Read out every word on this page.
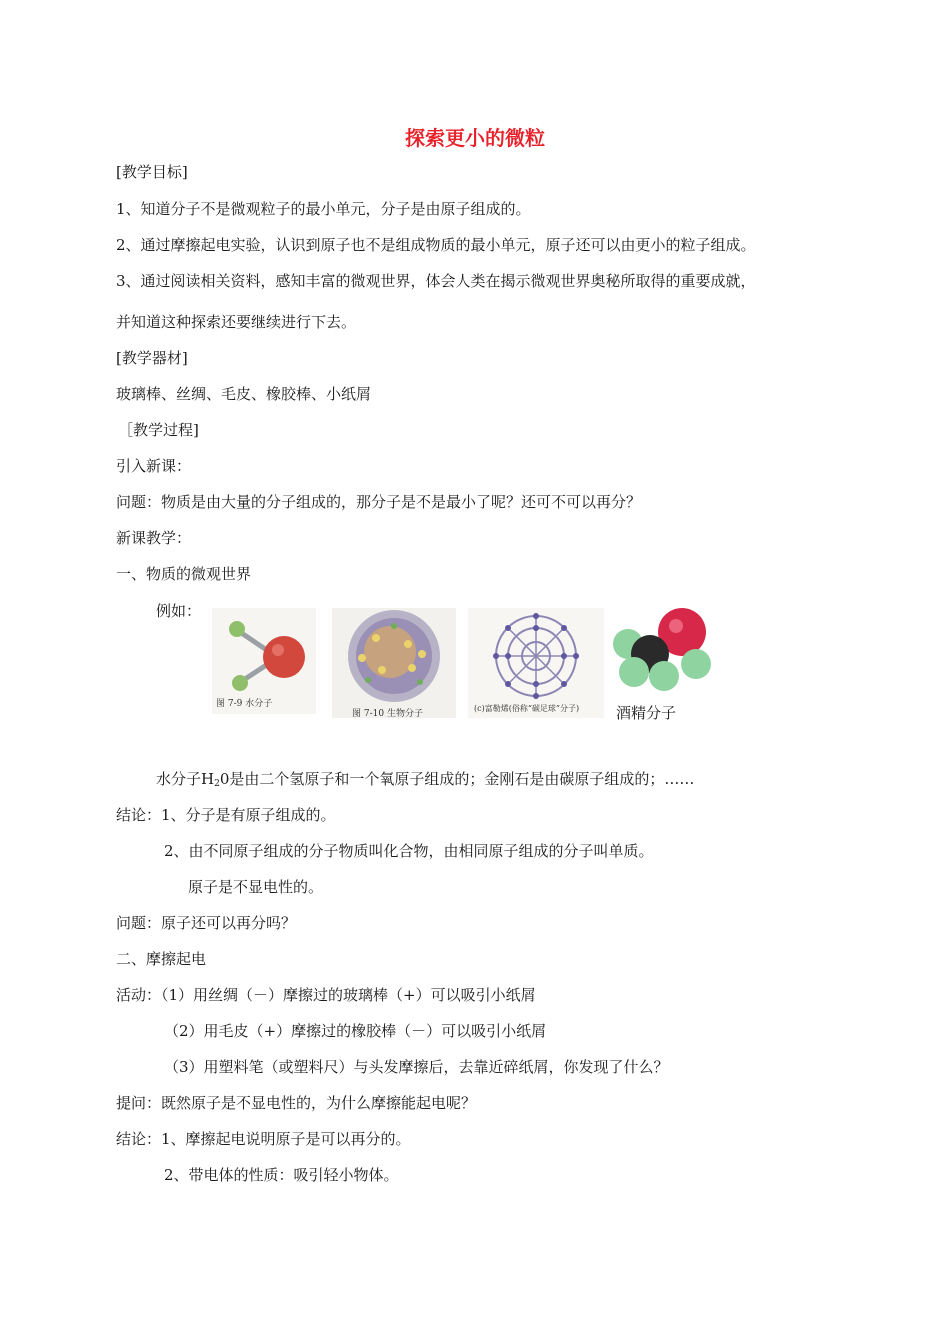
探索更小的微粒

[教学目标]

1、知道分子不是微观粒子的最小单元，分子是由原子组成的。

2、通过摩擦起电实验，认识到原子也不是组成物质的最小单元，原子还可以由更小的粒子组成。

3、通过阅读相关资料，感知丰富的微观世界，体会人类在揭示微观世界奥秘所取得的重要成就，

并知道这种探索还要继续进行下去。

[教学器材]

玻璃棒、丝绸、毛皮、橡胶棒、小纸屑

［教学过程]

引入新课：

问题：物质是由大量的分子组成的，那分子是不是最小了呢？还可不可以再分？

新课教学：

一、物质的微观世界

例如：

图 7-9 水分子
图 7-10 生物分子
(c)富勒烯(俗称“碳足球”分子) 酒精分子

水分子$H_20$是由二个氢原子和一个氧原子组成的；金刚石是由碳原子组成的；……

结论：1、分子是有原子组成的。

2、由不同原子组成的分子物质叫化合物，由相同原子组成的分子叫单质。

原子是不显电性的。

问题：原子还可以再分吗？

二、摩擦起电

活动：（1）用丝绸（－）摩擦过的玻璃棒（+）可以吸引小纸屑

（2）用毛皮（+）摩擦过的橡胶棒（－）可以吸引小纸屑

（3）用塑料笔（或塑料尺）与头发摩擦后，去靠近碎纸屑，你发现了什么？

提问：既然原子是不显电性的，为什么摩擦能起电呢？

结论：1、摩擦起电说明原子是可以再分的。

2、带电体的性质：吸引轻小物体。
